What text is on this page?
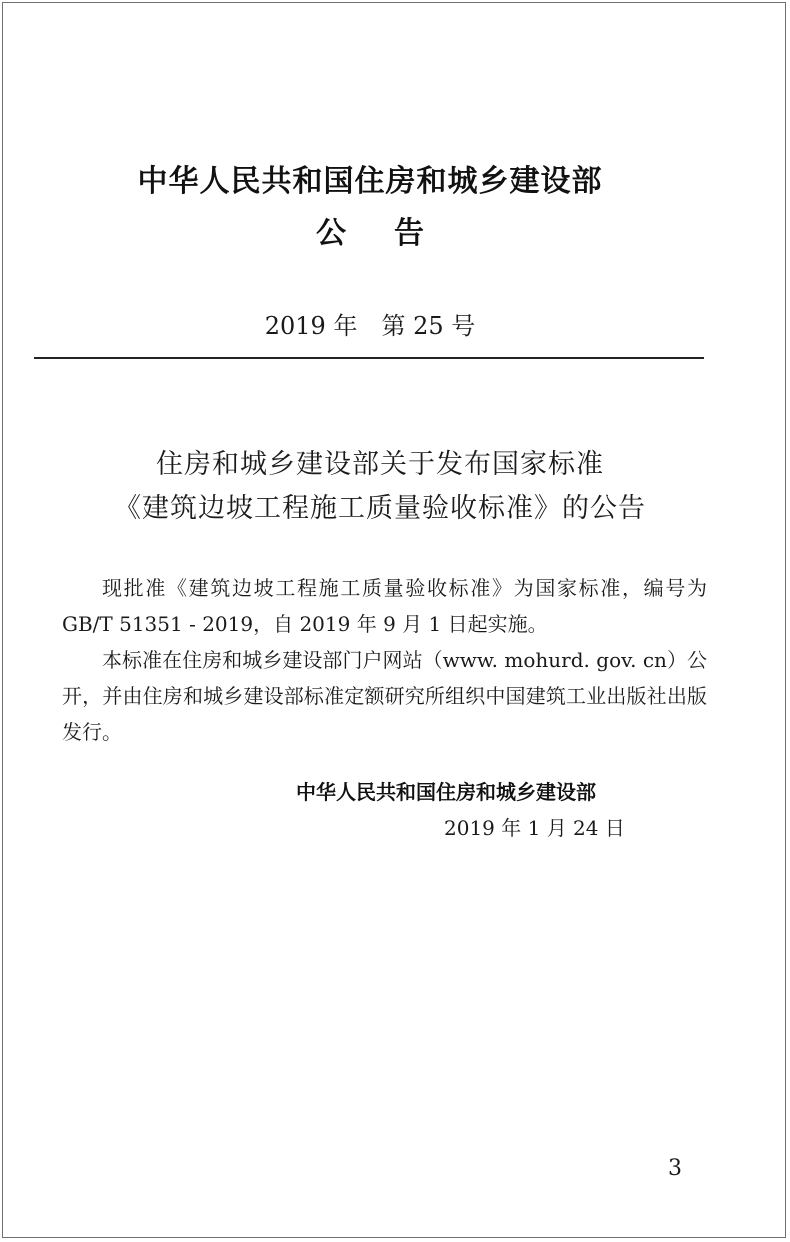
中华人民共和国住房和城乡建设部
公告
2019 年　第 25 号
住房和城乡建设部关于发布国家标准
《建筑边坡工程施工质量验收标准》的公告
现批准《建筑边坡工程施工质量验收标准》为国家标准，编号为 GB/T 51351 - 2019，自 2019 年 9 月 1 日起实施。
本标准在住房和城乡建设部门户网站（www. mohurd. gov. cn）公开，并由住房和城乡建设部标准定额研究所组织中国建筑工业出版社出版发行。
中华人民共和国住房和城乡建设部
2019 年 1 月 24 日
3
